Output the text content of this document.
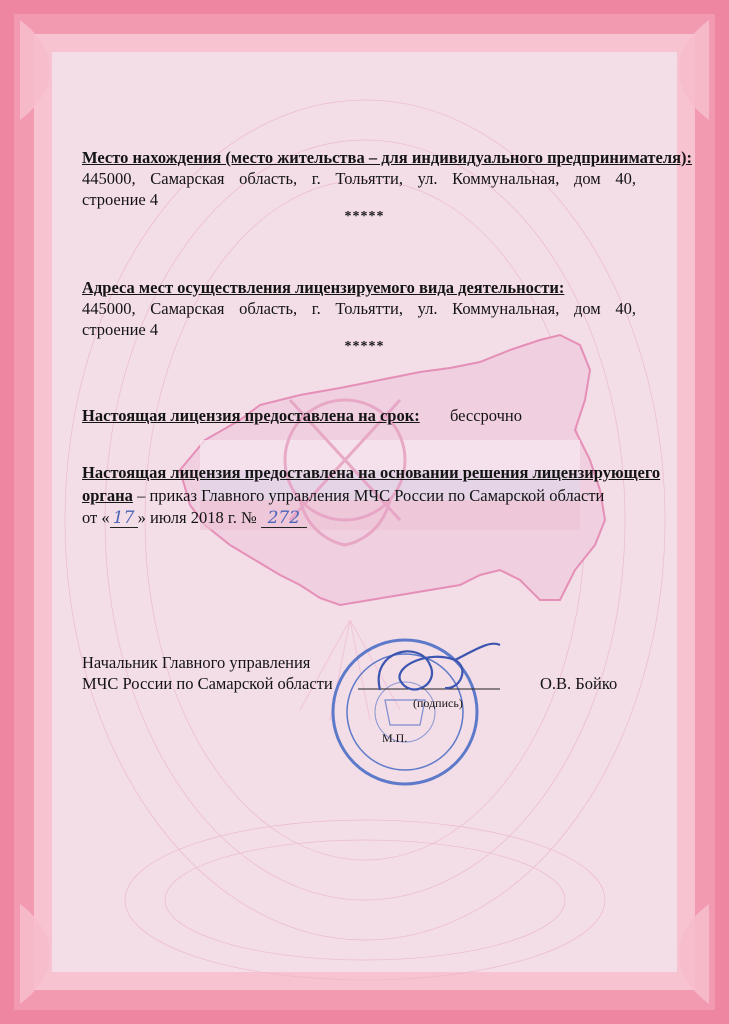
Место нахождения (место жительства – для индивидуального предпринимателя):
445000, Самарская область, г. Тольятти, ул. Коммунальная, дом 40,
строение 4
*****
Адреса мест осуществления лицензируемого вида деятельности:
445000, Самарская область, г. Тольятти, ул. Коммунальная, дом 40,
строение 4
*****
Настоящая лицензия предоставлена на срок: бессрочно
Настоящая лицензия предоставлена на основании решения лицензирующего
органа – приказ Главного управления МЧС России по Самарской области
от « 17 » июля 2018 г. № 272
Начальник Главного управления
МЧС России по Самарской области
(подпись)
О.В. Бойко
М.П.
